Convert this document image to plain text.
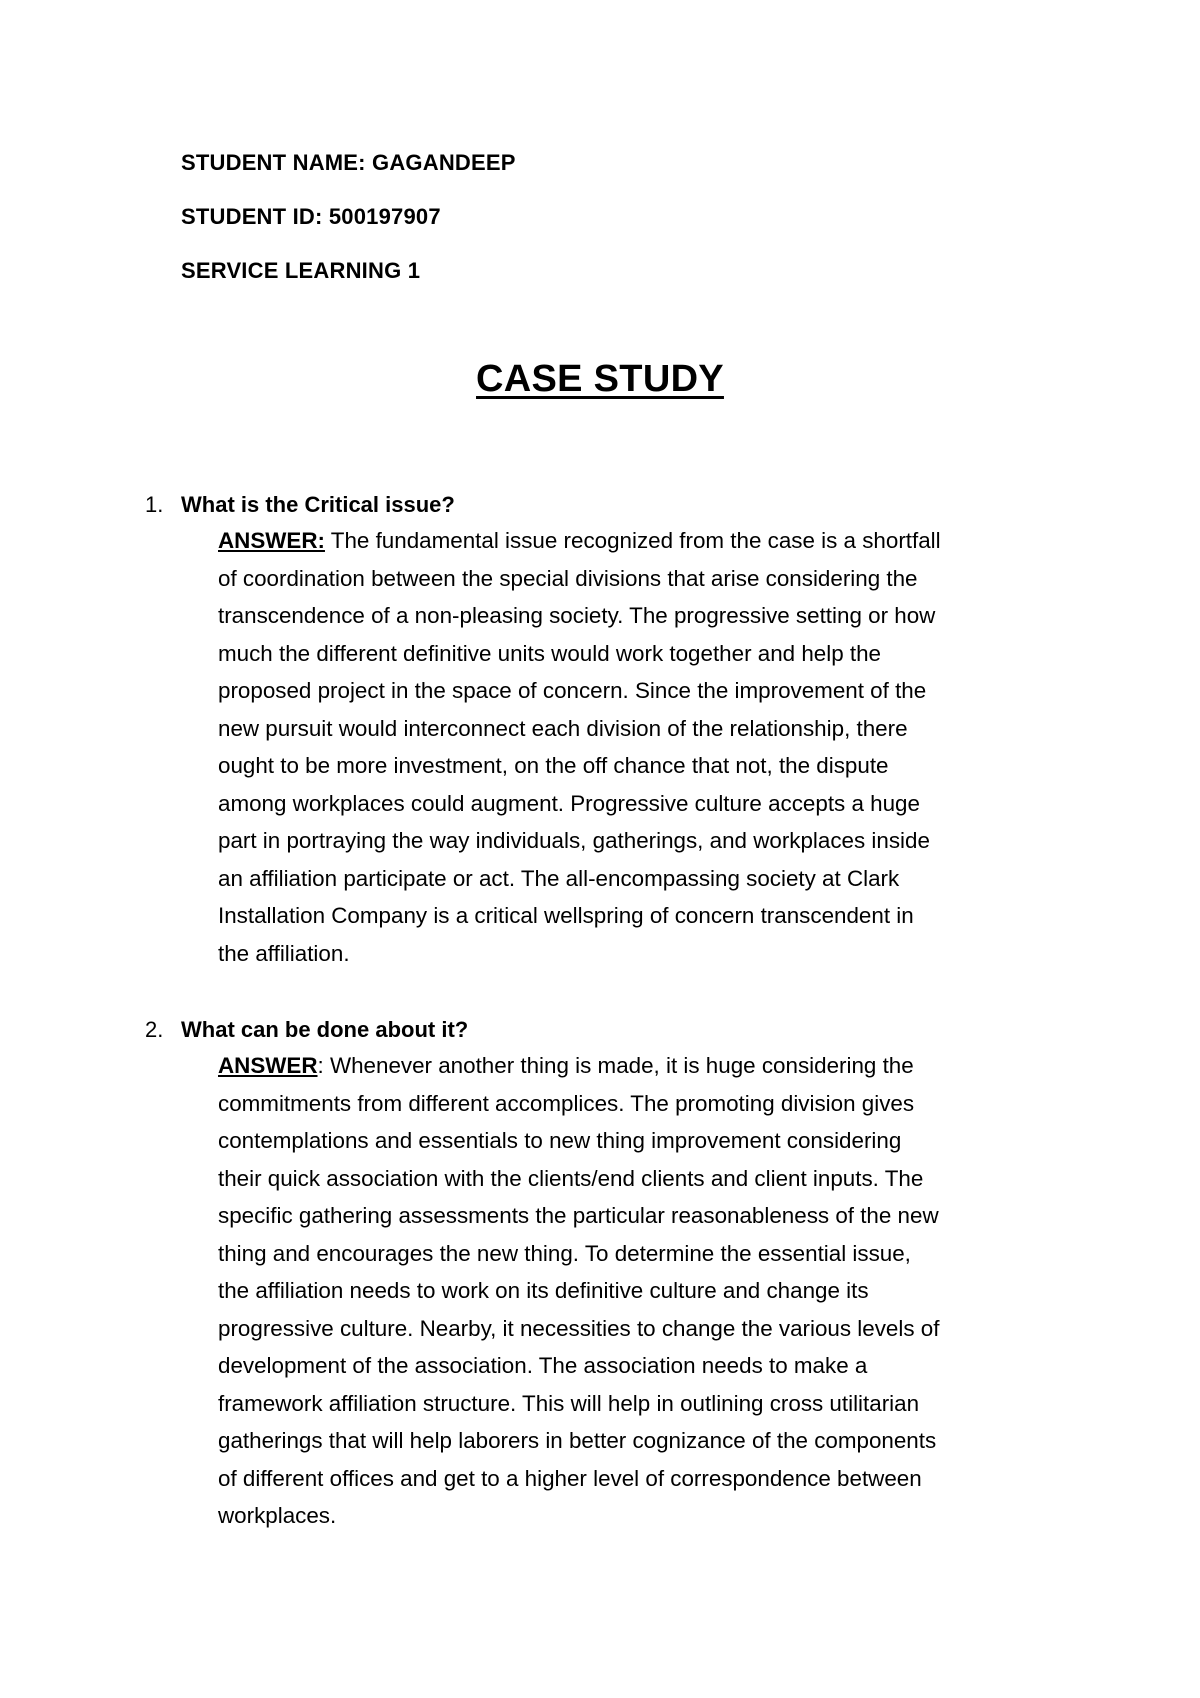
STUDENT NAME: GAGANDEEP
STUDENT ID: 500197907
SERVICE LEARNING 1
CASE STUDY
1. What is the Critical issue?
ANSWER: The fundamental issue recognized from the case is a shortfall
of coordination between the special divisions that arise considering the
transcendence of a non-pleasing society. The progressive setting or how
much the different definitive units would work together and help the
proposed project in the space of concern. Since the improvement of the
new pursuit would interconnect each division of the relationship, there
ought to be more investment, on the off chance that not, the dispute
among workplaces could augment. Progressive culture accepts a huge
part in portraying the way individuals, gatherings, and workplaces inside
an affiliation participate or act. The all-encompassing society at Clark
Installation Company is a critical wellspring of concern transcendent in
the affiliation.
2. What can be done about it?
ANSWER: Whenever another thing is made, it is huge considering the
commitments from different accomplices. The promoting division gives
contemplations and essentials to new thing improvement considering
their quick association with the clients/end clients and client inputs. The
specific gathering assessments the particular reasonableness of the new
thing and encourages the new thing. To determine the essential issue,
the affiliation needs to work on its definitive culture and change its
progressive culture. Nearby, it necessities to change the various levels of
development of the association. The association needs to make a
framework affiliation structure. This will help in outlining cross utilitarian
gatherings that will help laborers in better cognizance of the components
of different offices and get to a higher level of correspondence between
workplaces.
